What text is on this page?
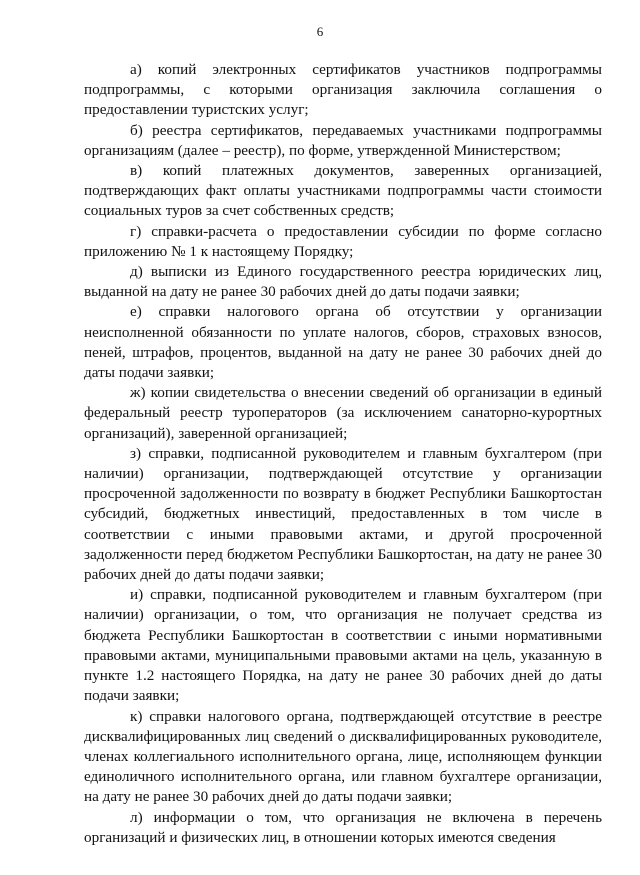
6

а) копий электронных сертификатов участников подпрограммы подпрограммы, с которыми организация заключила соглашения о предоставлении туристских услуг;

б) реестра сертификатов, передаваемых участниками подпрограммы организациям (далее – реестр), по форме, утвержденной Министерством;

в) копий платежных документов, заверенных организацией, подтверждающих факт оплаты участниками подпрограммы части стоимости социальных туров за счет собственных средств;

г) справки-расчета о предоставлении субсидии по форме согласно приложению № 1 к настоящему Порядку;

д) выписки из Единого государственного реестра юридических лиц, выданной на дату не ранее 30 рабочих дней до даты подачи заявки;

е) справки налогового органа об отсутствии у организации неисполненной обязанности по уплате налогов, сборов, страховых взносов, пеней, штрафов, процентов, выданной на дату не ранее 30 рабочих дней до даты подачи заявки;

ж) копии свидетельства о внесении сведений об организации в единый федеральный реестр туроператоров (за исключением санаторно-курортных организаций), заверенной организацией;

з) справки, подписанной руководителем и главным бухгалтером (при наличии) организации, подтверждающей отсутствие у организации просроченной задолженности по возврату в бюджет Республики Башкортостан субсидий, бюджетных инвестиций, предоставленных в том числе в соответствии с иными правовыми актами, и другой просроченной задолженности перед бюджетом Республики Башкортостан, на дату не ранее 30 рабочих дней до даты подачи заявки;

и) справки, подписанной руководителем и главным бухгалтером (при наличии) организации, о том, что организация не получает средства из бюджета Республики Башкортостан в соответствии с иными нормативными правовыми актами, муниципальными правовыми актами на цель, указанную в пункте 1.2 настоящего Порядка, на дату не ранее 30 рабочих дней до даты подачи заявки;

к) справки налогового органа, подтверждающей отсутствие в реестре дисквалифицированных лиц сведений о дисквалифицированных руководителе, членах коллегиального исполнительного органа, лице, исполняющем функции единоличного исполнительного органа, или главном бухгалтере организации, на дату не ранее 30 рабочих дней до даты подачи заявки;

л) информации о том, что организация не включена в перечень организаций и физических лиц, в отношении которых имеются сведения
